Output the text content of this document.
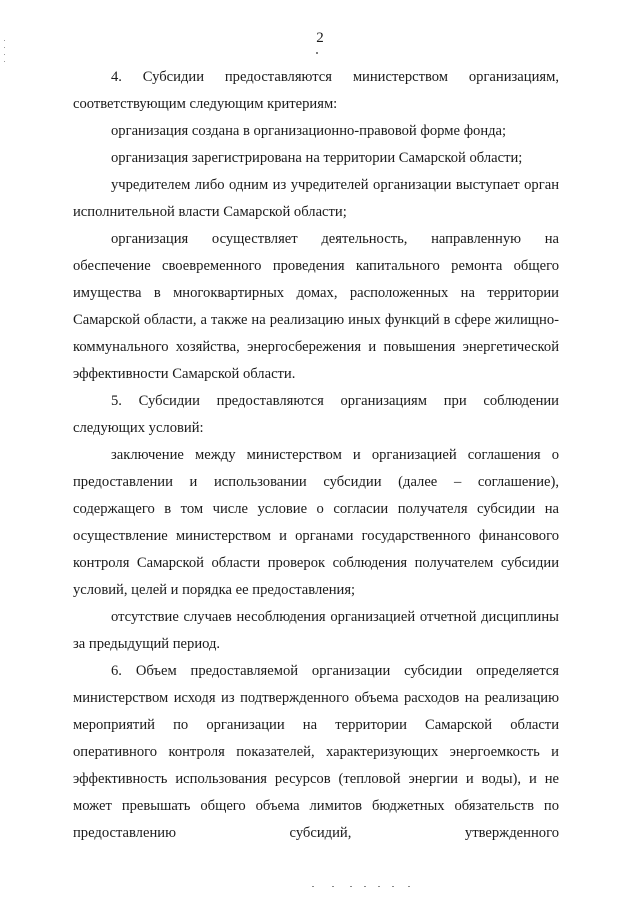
2

4. Субсидии предоставляются министерством организациям, соответствующим следующим критериям:

организация создана в организационно-правовой форме фонда;

организация зарегистрирована на территории Самарской области;

учредителем либо одним из учредителей организации выступает орган исполнительной власти Самарской области;

организация осуществляет деятельность, направленную на обеспечение своевременного проведения капитального ремонта общего имущества в многоквартирных домах, расположенных на территории Самарской области, а также на реализацию иных функций в сфере жилищно-коммунального хозяйства, энергосбережения и повышения энергетической эффективности Самарской области.

5. Субсидии предоставляются организациям при соблюдении следующих условий:

заключение между министерством и организацией соглашения о предоставлении и использовании субсидии (далее – соглашение), содержащего в том числе условие о согласии получателя субсидии на осуществление министерством и органами государственного финансового контроля Самарской области проверок соблюдения получателем субсидии условий, целей и порядка ее предоставления;

отсутствие случаев несоблюдения организацией отчетной дисциплины за предыдущий период.

6. Объем предоставляемой организации субсидии определяется министерством исходя из подтвержденного объема расходов на реализацию мероприятий по организации на территории Самарской области оперативного контроля показателей, характеризующих энергоемкость и эффективность использования ресурсов (тепловой энергии и воды), и не может превышать общего объема лимитов бюджетных обязательств по предоставлению субсидий, утвержденного
